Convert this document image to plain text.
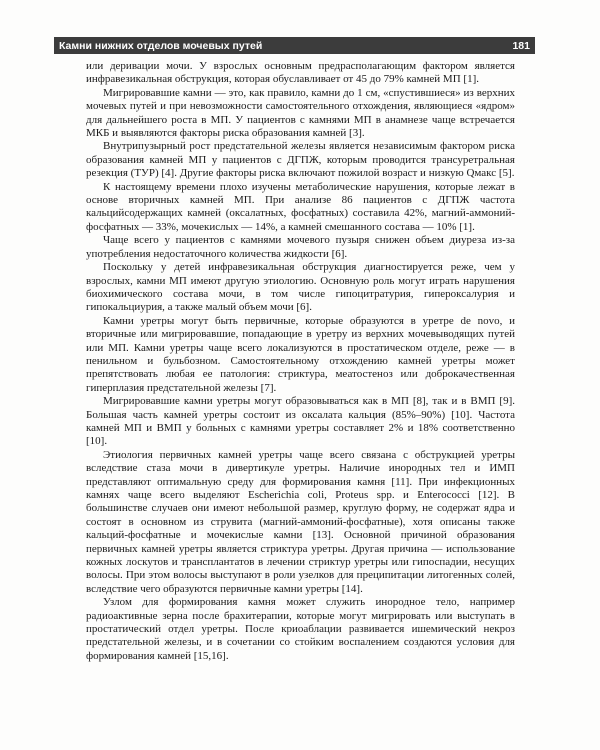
Камни нижних отделов мочевых путей	181

или деривации мочи. У взрослых основным предрасполагающим фактором является инфравезикальная обструкция, которая обуславливает от 45 до 79% камней МП [1].

Мигрировавшие камни — это, как правило, камни до 1 см, «спустившиеся» из верхних мочевых путей и при невозможности самостоятельного отхождения, являющиеся «ядром» для дальнейшего роста в МП. У пациентов с камнями МП в анамнезе чаще встречается МКБ и выявляются факторы риска образования камней [3].

Внутрипузырный рост предстательной железы является независимым фактором риска образования камней МП у пациентов с ДГПЖ, которым проводится трансуретральная резекция (ТУР) [4]. Другие факторы риска включают пожилой возраст и низкую Qмакс [5].

К настоящему времени плохо изучены метаболические нарушения, которые лежат в основе вторичных камней МП. При анализе 86 пациентов с ДГПЖ частота кальцийсодержащих камней (оксалатных, фосфатных) составила 42%, магний-аммоний-фосфатных — 33%, мочекислых — 14%, а камней смешанного состава — 10% [1].

Чаще всего у пациентов с камнями мочевого пузыря снижен объем диуреза из-за употребления недостаточного количества жидкости [6].

Поскольку у детей инфравезикальная обструкция диагностируется реже, чем у взрослых, камни МП имеют другую этиологию. Основную роль могут играть нарушения биохимического состава мочи, в том числе гипоцитратурия, гипероксалурия и гипокальциурия, а также малый объем мочи [6].

Камни уретры могут быть первичные, которые образуются в уретре de novo, и вторичные или мигрировавшие, попадающие в уретру из верхних мочевыводящих путей или МП. Камни уретры чаще всего локализуются в простатическом отделе, реже — в пенильном и бульбозном. Самостоятельному отхождению камней уретры может препятствовать любая ее патология: стриктура, меатостеноз или доброкачественная гиперплазия предстательной железы [7].

Мигрировавшие камни уретры могут образовываться как в МП [8], так и в ВМП [9]. Большая часть камней уретры состоит из оксалата кальция (85%–90%) [10]. Частота камней МП и ВМП у больных с камнями уретры составляет 2% и 18% соответственно [10].

Этиология первичных камней уретры чаще всего связана с обструкцией уретры вследствие стаза мочи в дивертикуле уретры. Наличие инородных тел и ИМП представляют оптимальную среду для формирования камня [11]. При инфекционных камнях чаще всего выделяют Escherichia coli, Proteus spp. и Enterococci [12]. В большинстве случаев они имеют небольшой размер, круглую форму, не содержат ядра и состоят в основном из струвита (магний-аммоний-фосфатные), хотя описаны также кальций-фосфатные и мочекислые камни [13]. Основной причиной образования первичных камней уретры является стриктура уретры. Другая причина — использование кожных лоскутов и трансплантатов в лечении стриктур уретры или гипоспадии, несущих волосы. При этом волосы выступают в роли узелков для преципитации литогенных солей, вследствие чего образуются первичные камни уретры [14].

Узлом для формирования камня может служить инородное тело, например радиоактивные зерна после брахитерапии, которые могут мигрировать или выступать в простатический отдел уретры. После криоаблации развивается ишемический некроз предстательной железы, и в сочетании со стойким воспалением создаются условия для формирования камней [15,16].
